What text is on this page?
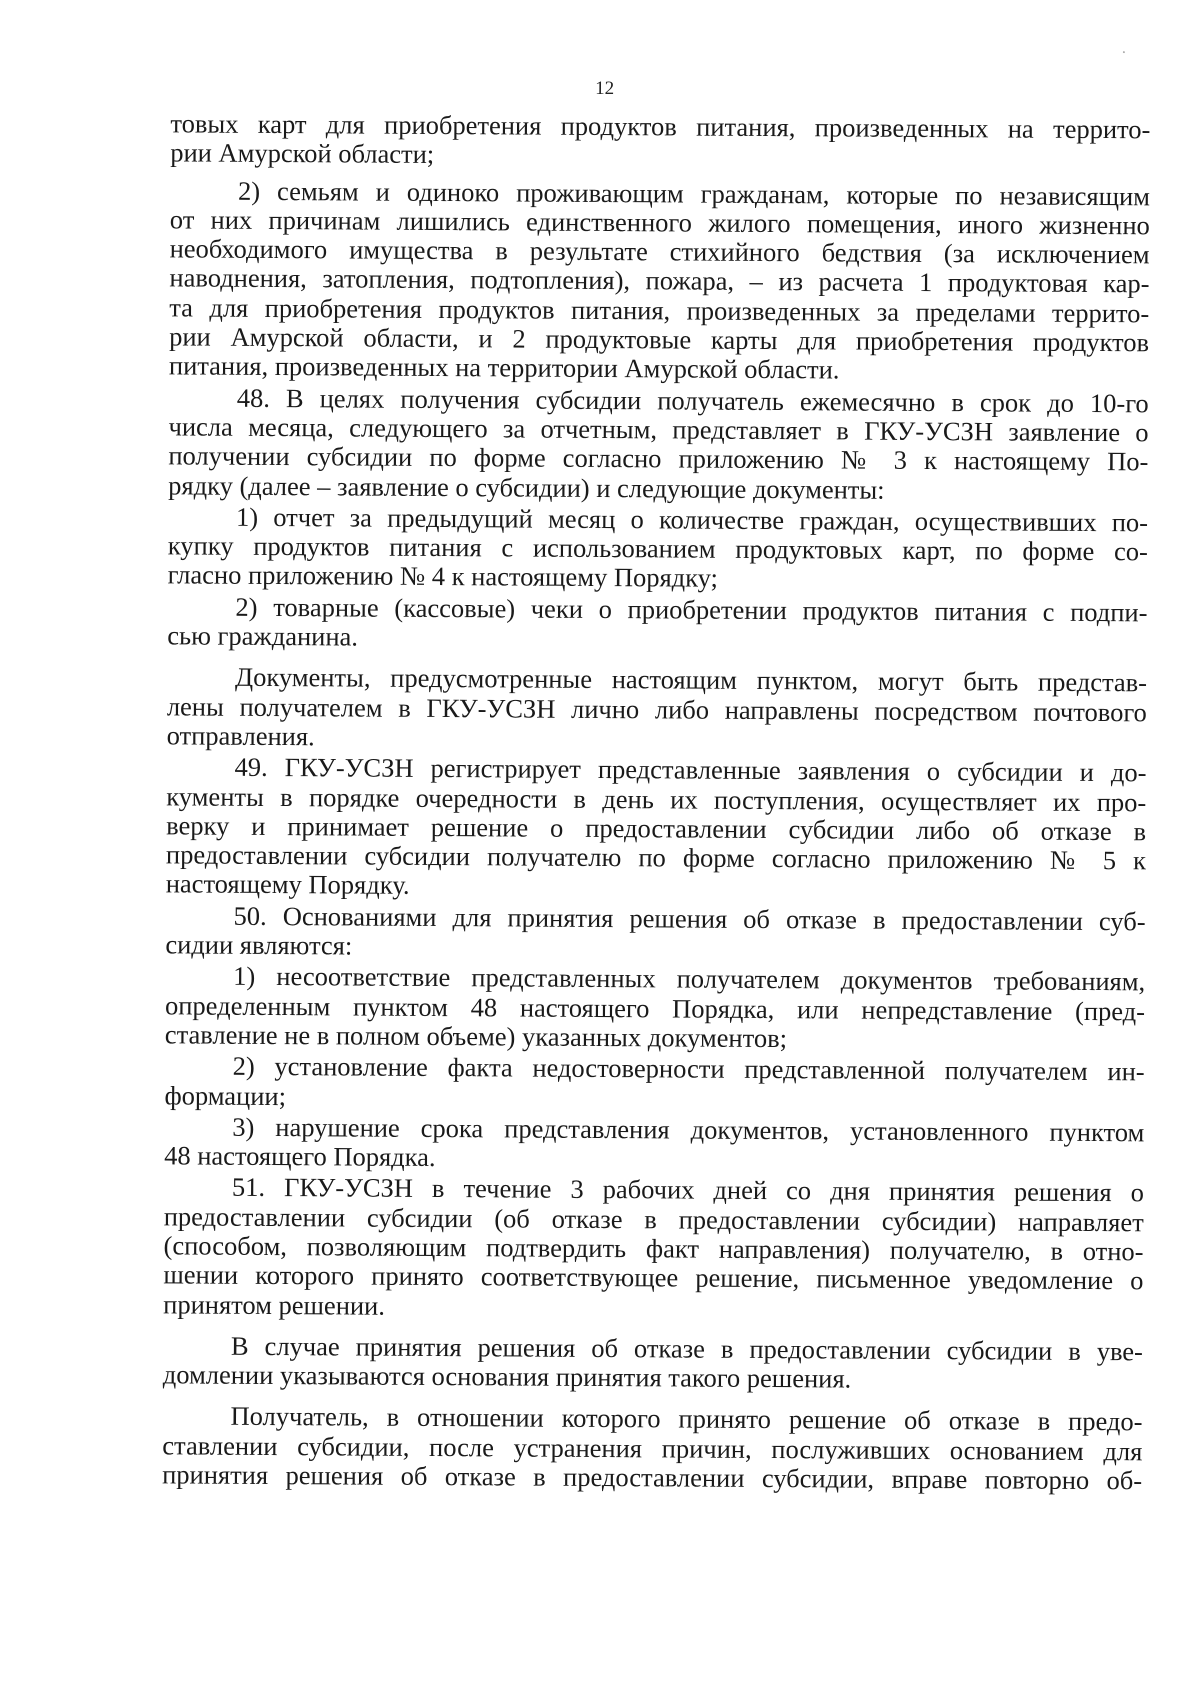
12
товых карт для приобретения продуктов питания, произведенных на террито-
рии Амурской области;
2) семьям и одиноко проживающим гражданам, которые по независящим
от них причинам лишились единственного жилого помещения, иного жизненно
необходимого имущества в результате стихийного бедствия (за исключением
наводнения, затопления, подтопления), пожара, – из расчета 1 продуктовая кар-
та для приобретения продуктов питания, произведенных за пределами террито-
рии Амурской области, и 2 продуктовые карты для приобретения продуктов
питания, произведенных на территории Амурской области.
48. В целях получения субсидии получатель ежемесячно в срок до 10-го
числа месяца, следующего за отчетным, представляет в ГКУ-УСЗН заявление о
получении субсидии по форме согласно приложению № 3 к настоящему По-
рядку (далее – заявление о субсидии) и следующие документы:
1) отчет за предыдущий месяц о количестве граждан, осуществивших по-
купку продуктов питания с использованием продуктовых карт, по форме со-
гласно приложению № 4 к настоящему Порядку;
2) товарные (кассовые) чеки о приобретении продуктов питания с подпи-
сью гражданина.
Документы, предусмотренные настоящим пунктом, могут быть представ-
лены получателем в ГКУ-УСЗН лично либо направлены посредством почтового
отправления.
49. ГКУ-УСЗН регистрирует представленные заявления о субсидии и до-
кументы в порядке очередности в день их поступления, осуществляет их про-
верку и принимает решение о предоставлении субсидии либо об отказе в
предоставлении субсидии получателю по форме согласно приложению № 5 к
настоящему Порядку.
50. Основаниями для принятия решения об отказе в предоставлении суб-
сидии являются:
1) несоответствие представленных получателем документов требованиям,
определенным пунктом 48 настоящего Порядка, или непредставление (пред-
ставление не в полном объеме) указанных документов;
2) установление факта недостоверности представленной получателем ин-
формации;
3) нарушение срока представления документов, установленного пунктом
48 настоящего Порядка.
51. ГКУ-УСЗН в течение 3 рабочих дней со дня принятия решения о
предоставлении субсидии (об отказе в предоставлении субсидии) направляет
(способом, позволяющим подтвердить факт направления) получателю, в отно-
шении которого принято соответствующее решение, письменное уведомление о
принятом решении.
В случае принятия решения об отказе в предоставлении субсидии в уве-
домлении указываются основания принятия такого решения.
Получатель, в отношении которого принято решение об отказе в предо-
ставлении субсидии, после устранения причин, послуживших основанием для
принятия решения об отказе в предоставлении субсидии, вправе повторно об-
